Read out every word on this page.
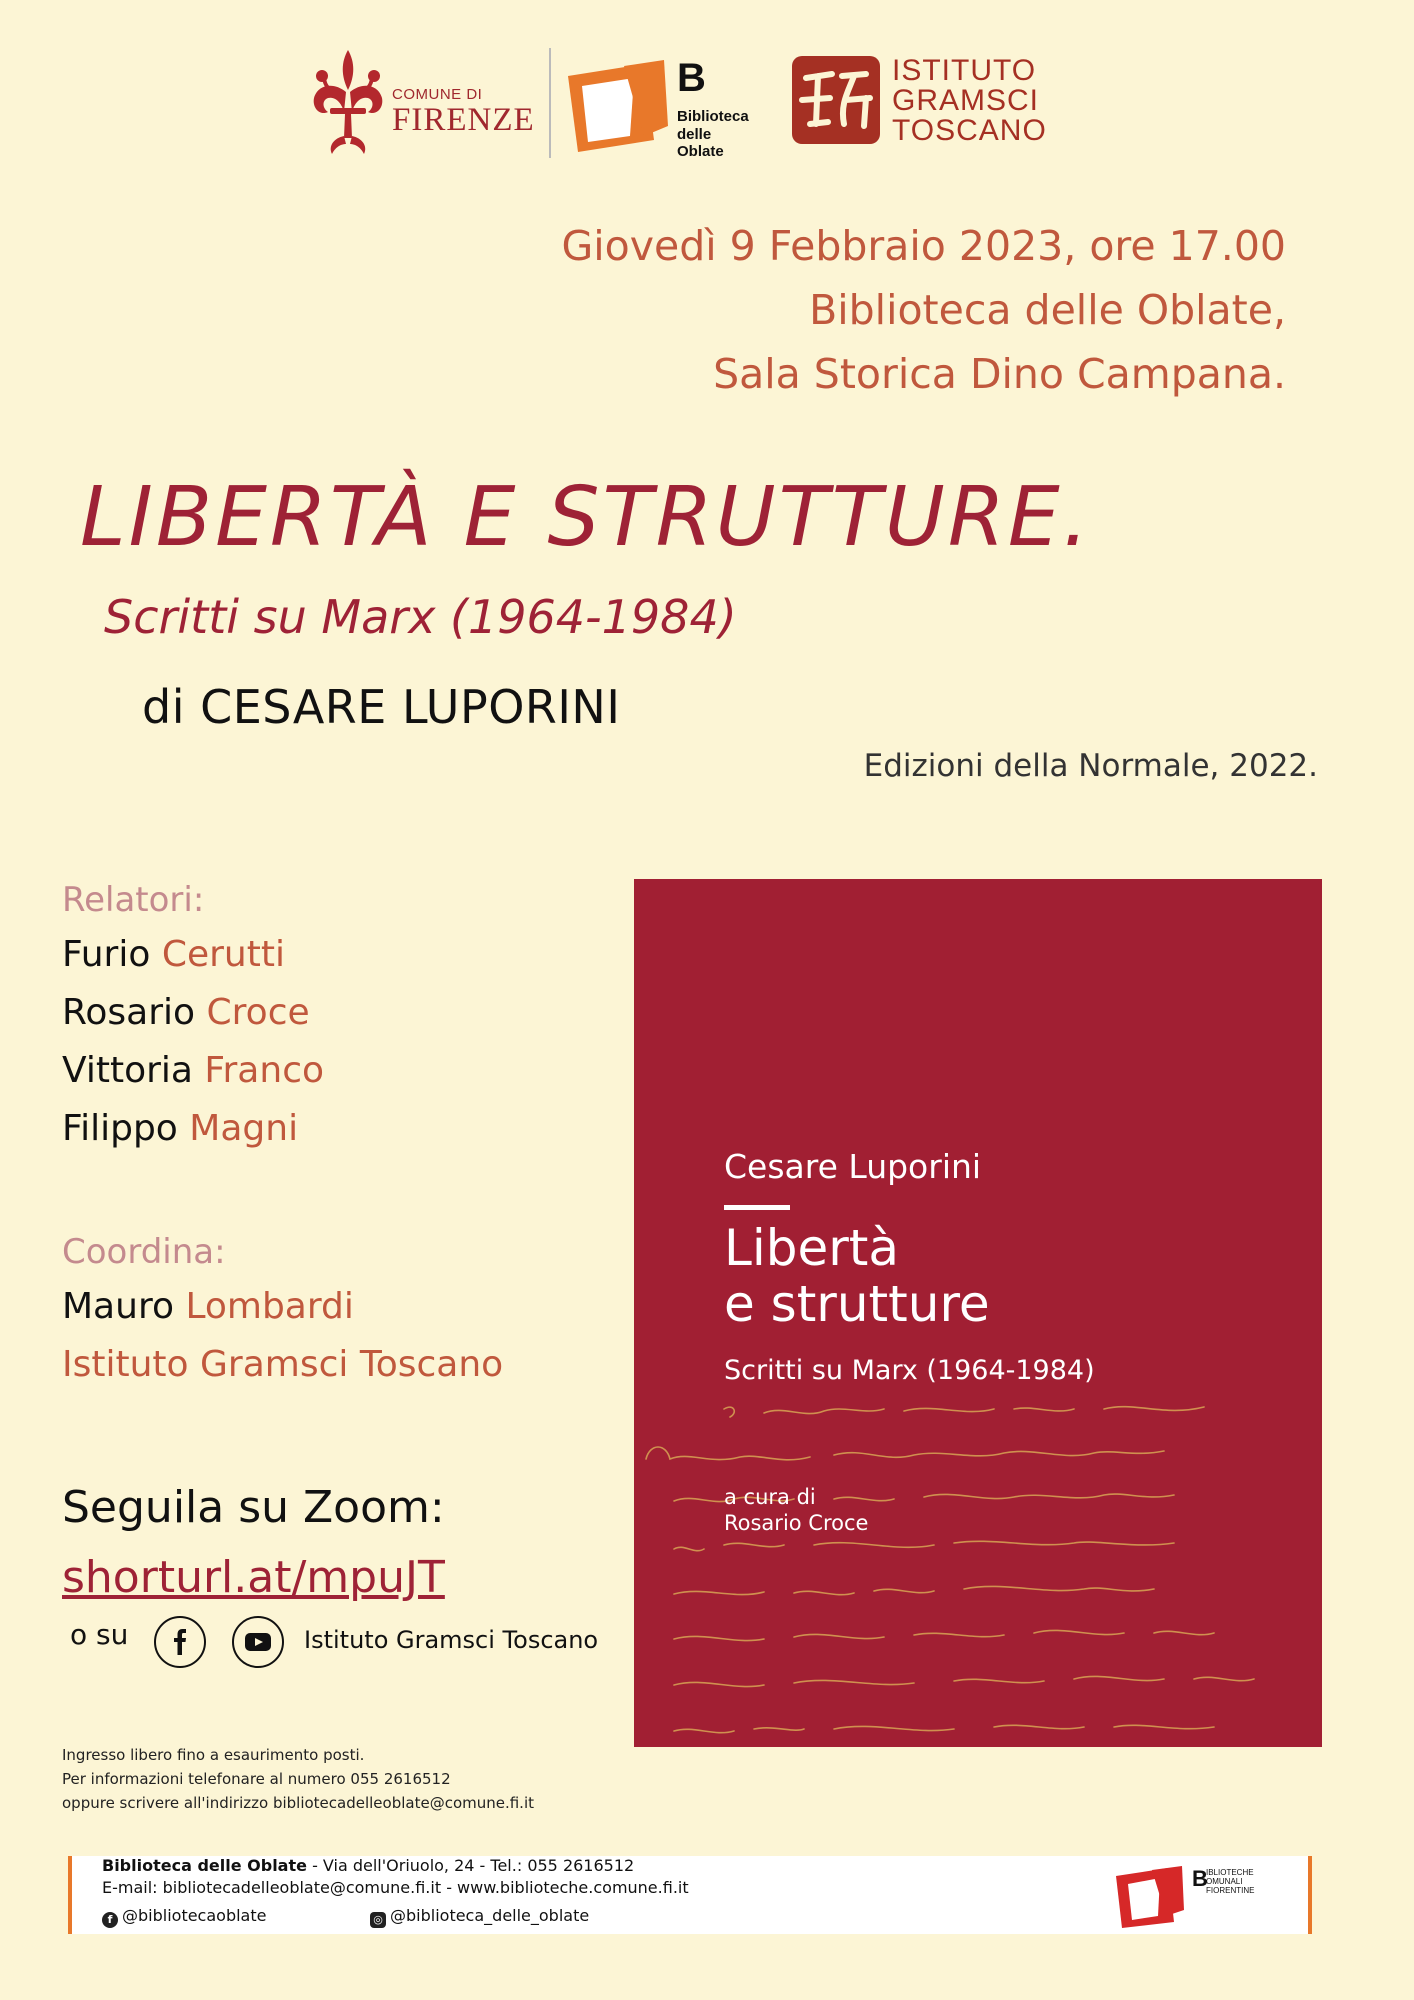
COMUNE DI
FIRENZE
B
Biblioteca
delle Oblate
ISTITUTO
GRAMSCI
TOSCANO
Giovedì 9 Febbraio 2023, ore 17.00
Biblioteca delle Oblate,
Sala Storica Dino Campana.
LIBERTÀ E STRUTTURE.
Scritti su Marx (1964-1984)
di CESARE LUPORINI
Edizioni della Normale, 2022.
Relatori:
Furio Cerutti
Rosario Croce
Vittoria Franco
Filippo Magni
Coordina:
Mauro Lombardi
Istituto Gramsci Toscano
Seguila su Zoom:
shorturl.at/mpuJT
o su	Istituto Gramsci Toscano
Ingresso libero fino a esaurimento posti.
Per informazioni telefonare al numero 055 2616512
oppure scrivere all'indirizzo bibliotecadelleoblate@comune.fi.it
Cesare Luporini
Libertà
e strutture
Scritti su Marx (1964-1984)
a cura di
Rosario Croce
Biblioteca delle Oblate - Via dell'Oriuolo, 24 - Tel.: 055 2616512
E-mail: bibliotecadelleoblate@comune.fi.it - www.biblioteche.comune.fi.it
f @bibliotecaoblate	◎ @biblioteca_delle_oblate
B
IBLIOTECHE
OMUNALI
FIORENTINE
